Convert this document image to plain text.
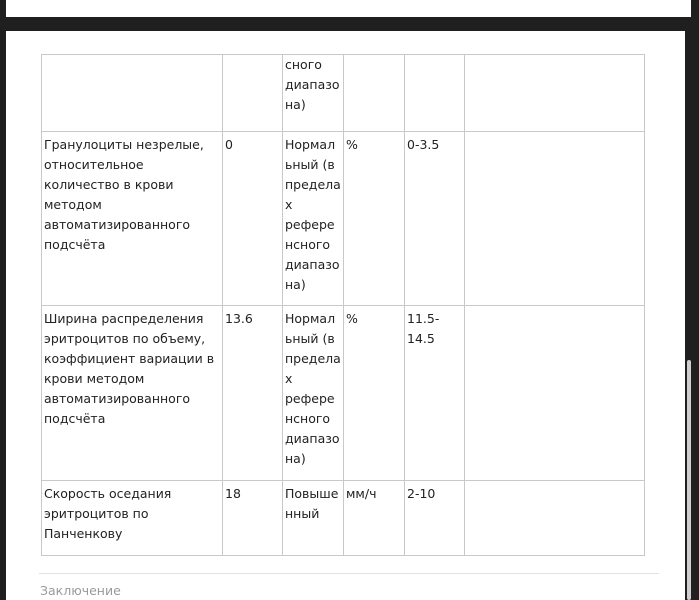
		сного диапазо на)			
Гранулоциты незрелые, относительное количество в крови методом автоматизированного подсчёта	0	Нормальный (в пределах референсного диапазона)	%	0-3.5	
Ширина распределения эритроцитов по объему, коэффициент вариации в крови методом автоматизированного подсчёта	13.6	Нормальный (в пределах референсного диапазона)	%	11.5-14.5	
Скорость оседания эритроцитов по Панченкову	18	Повышенный	мм/ч	2-10	
Заключение
